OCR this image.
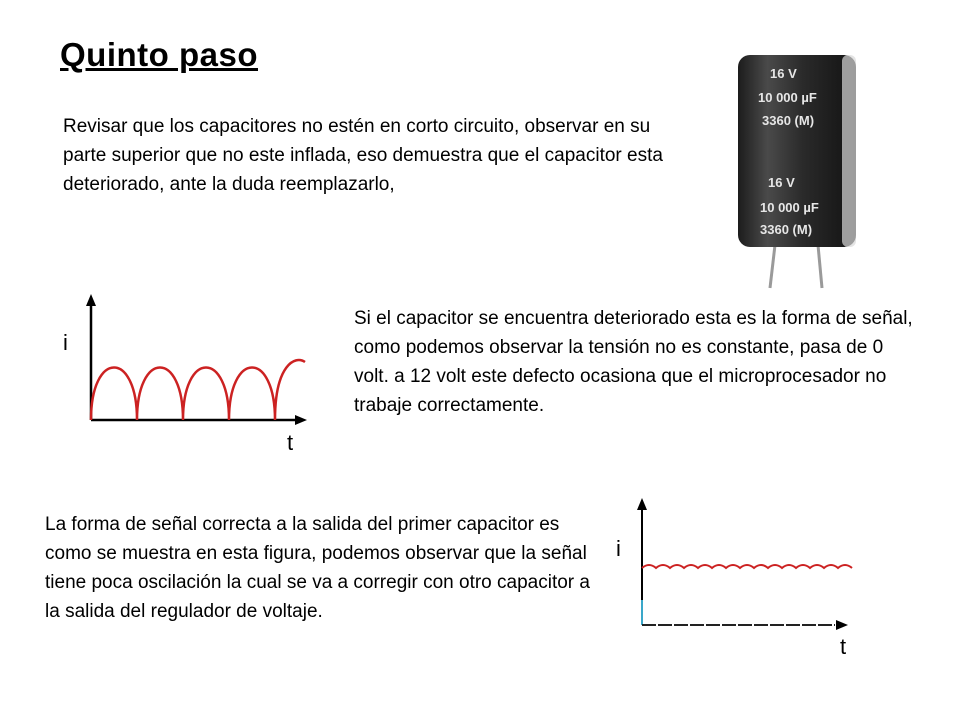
Quinto paso
Revisar que los capacitores no estén en corto circuito, observar en su parte superior que no este inflada, eso demuestra que el capacitor esta deteriorado, ante la duda reemplazarlo,
16 V
10 000 µF
3360 (M)
16 V
10 000 µF
3360 (M)
i
t
Si el capacitor se encuentra deteriorado esta es la forma de señal, como podemos observar la tensión no es constante, pasa de 0 volt. a 12 volt este defecto ocasiona que el microprocesador no trabaje correctamente.
La forma de señal correcta a la salida del primer capacitor es como se muestra en esta figura, podemos observar que la señal tiene poca oscilación la cual se va a corregir con otro capacitor a la salida del regulador de voltaje.
i
t
